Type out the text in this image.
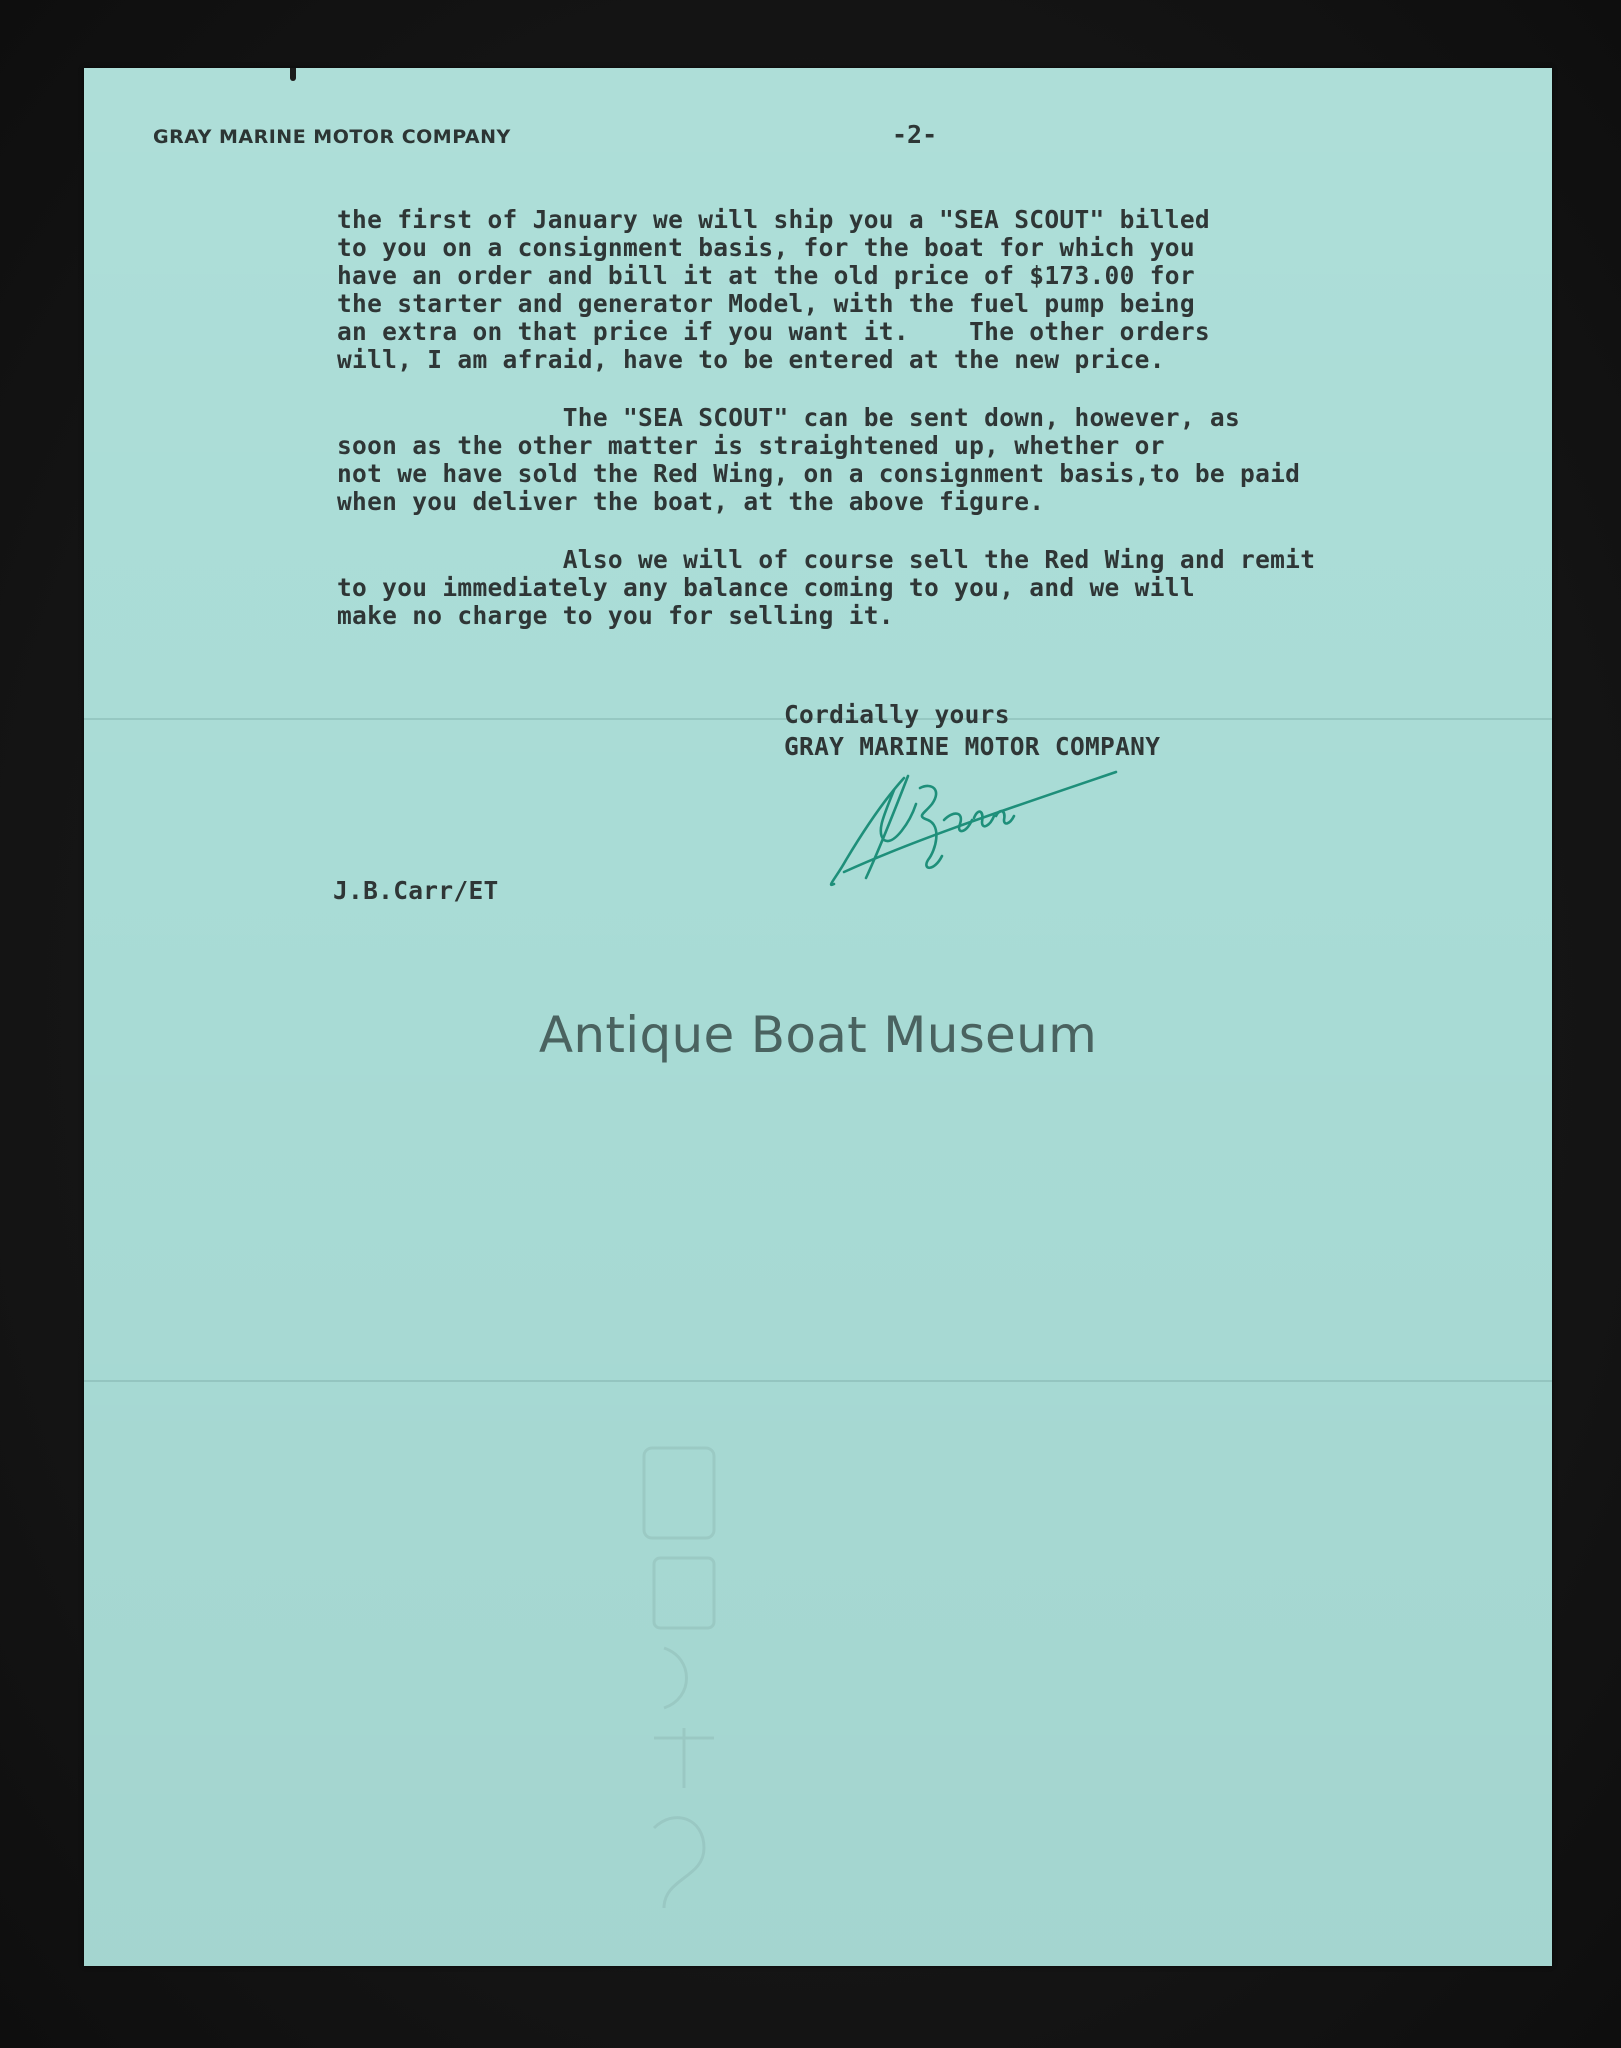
GRAY MARINE MOTOR COMPANY	-2-
the first of January we will ship you a "SEA SCOUT" billed
to you on a consignment basis, for the boat for which you
have an order and bill it at the old price of $173.00 for
the starter and generator Model, with the fuel pump being
an extra on that price if you want it.    The other orders
will, I am afraid, have to be entered at the new price.
The "SEA SCOUT" can be sent down, however, as
soon as the other matter is straightened up, whether or
not we have sold the Red Wing, on a consignment basis,to be paid
when you deliver the boat, at the above figure.
Also we will of course sell the Red Wing and remit
to you immediately any balance coming to you, and we will
make no charge to you for selling it.
Cordially yours
GRAY MARINE MOTOR COMPANY
J.B.Carr/ET
Antique Boat Museum
